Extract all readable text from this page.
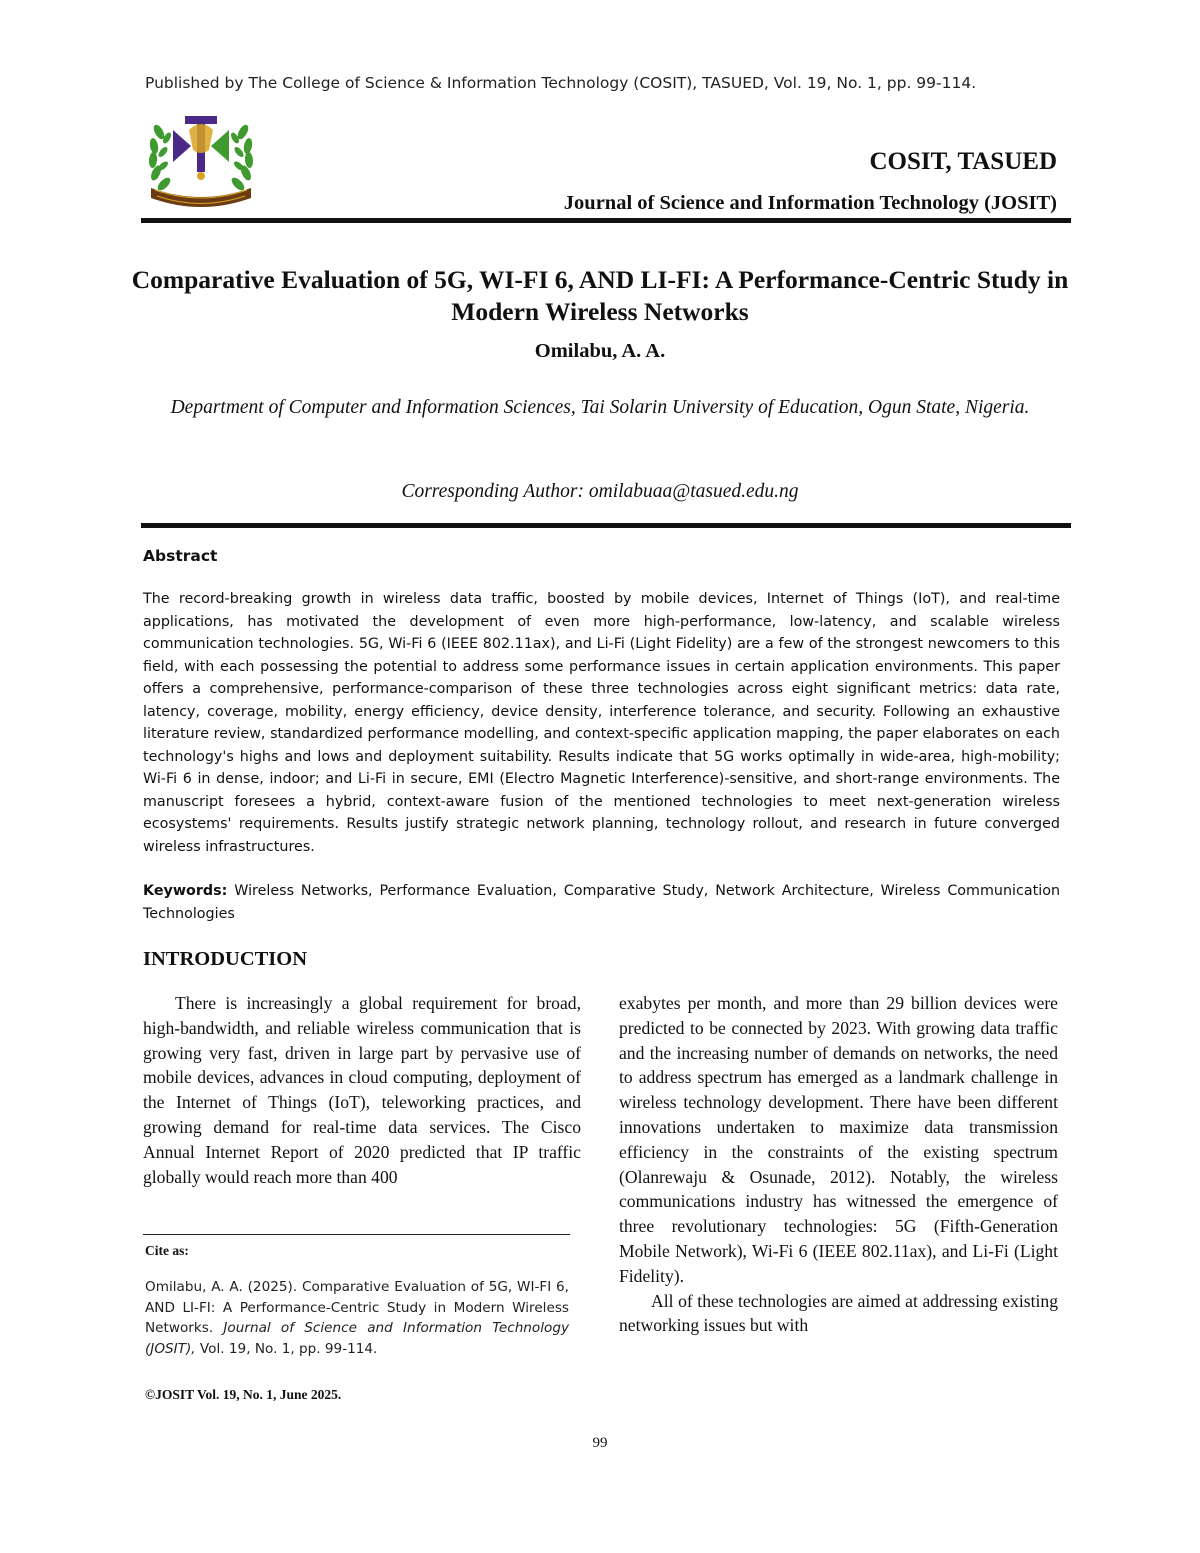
Published by The College of Science & Information Technology (COSIT), TASUED, Vol. 19, No. 1, pp. 99-114.
COSIT, TASUED
Journal of Science and Information Technology (JOSIT)
Comparative Evaluation of 5G, WI-FI 6, AND LI-FI: A Performance-Centric Study in Modern Wireless Networks
Omilabu, A. A.
Department of Computer and Information Sciences, Tai Solarin University of Education, Ogun State, Nigeria.
Corresponding Author: omilabuaa@tasued.edu.ng
Abstract
The record-breaking growth in wireless data traffic, boosted by mobile devices, Internet of Things (IoT), and real-time applications, has motivated the development of even more high-performance, low-latency, and scalable wireless communication technologies. 5G, Wi-Fi 6 (IEEE 802.11ax), and Li-Fi (Light Fidelity) are a few of the strongest newcomers to this field, with each possessing the potential to address some performance issues in certain application environments. This paper offers a comprehensive, performance-comparison of these three technologies across eight significant metrics: data rate, latency, coverage, mobility, energy efficiency, device density, interference tolerance, and security. Following an exhaustive literature review, standardized performance modelling, and context-specific application mapping, the paper elaborates on each technology's highs and lows and deployment suitability. Results indicate that 5G works optimally in wide-area, high-mobility; Wi-Fi 6 in dense, indoor; and Li-Fi in secure, EMI (Electro Magnetic Interference)-sensitive, and short-range environments. The manuscript foresees a hybrid, context-aware fusion of the mentioned technologies to meet next-generation wireless ecosystems' requirements. Results justify strategic network planning, technology rollout, and research in future converged wireless infrastructures.
Keywords: Wireless Networks, Performance Evaluation, Comparative Study, Network Architecture, Wireless Communication Technologies
INTRODUCTION

There is increasingly a global requirement for broad, high-bandwidth, and reliable wireless communication that is growing very fast, driven in large part by pervasive use of mobile devices, advances in cloud computing, deployment of the Internet of Things (IoT), teleworking practices, and growing demand for real-time data services. The Cisco Annual Internet Report of 2020 predicted that IP traffic globally would reach more than 400

exabytes per month, and more than 29 billion devices were predicted to be connected by 2023. With growing data traffic and the increasing number of demands on networks, the need to address spectrum has emerged as a landmark challenge in wireless technology development. There have been different innovations undertaken to maximize data transmission efficiency in the constraints of the existing spectrum (Olanrewaju & Osunade, 2012). Notably, the wireless communications industry has witnessed the emergence of three revolutionary technologies: 5G (Fifth-Generation Mobile Network), Wi-Fi 6 (IEEE 802.11ax), and Li-Fi (Light Fidelity).

All of these technologies are aimed at addressing existing networking issues but with

Cite as:
Omilabu, A. A. (2025). Comparative Evaluation of 5G, WI-FI 6, AND LI-FI: A Performance-Centric Study in Modern Wireless Networks. Journal of Science and Information Technology (JOSIT), Vol. 19, No. 1, pp. 99-114.
©JOSIT Vol. 19, No. 1, June 2025.
99
